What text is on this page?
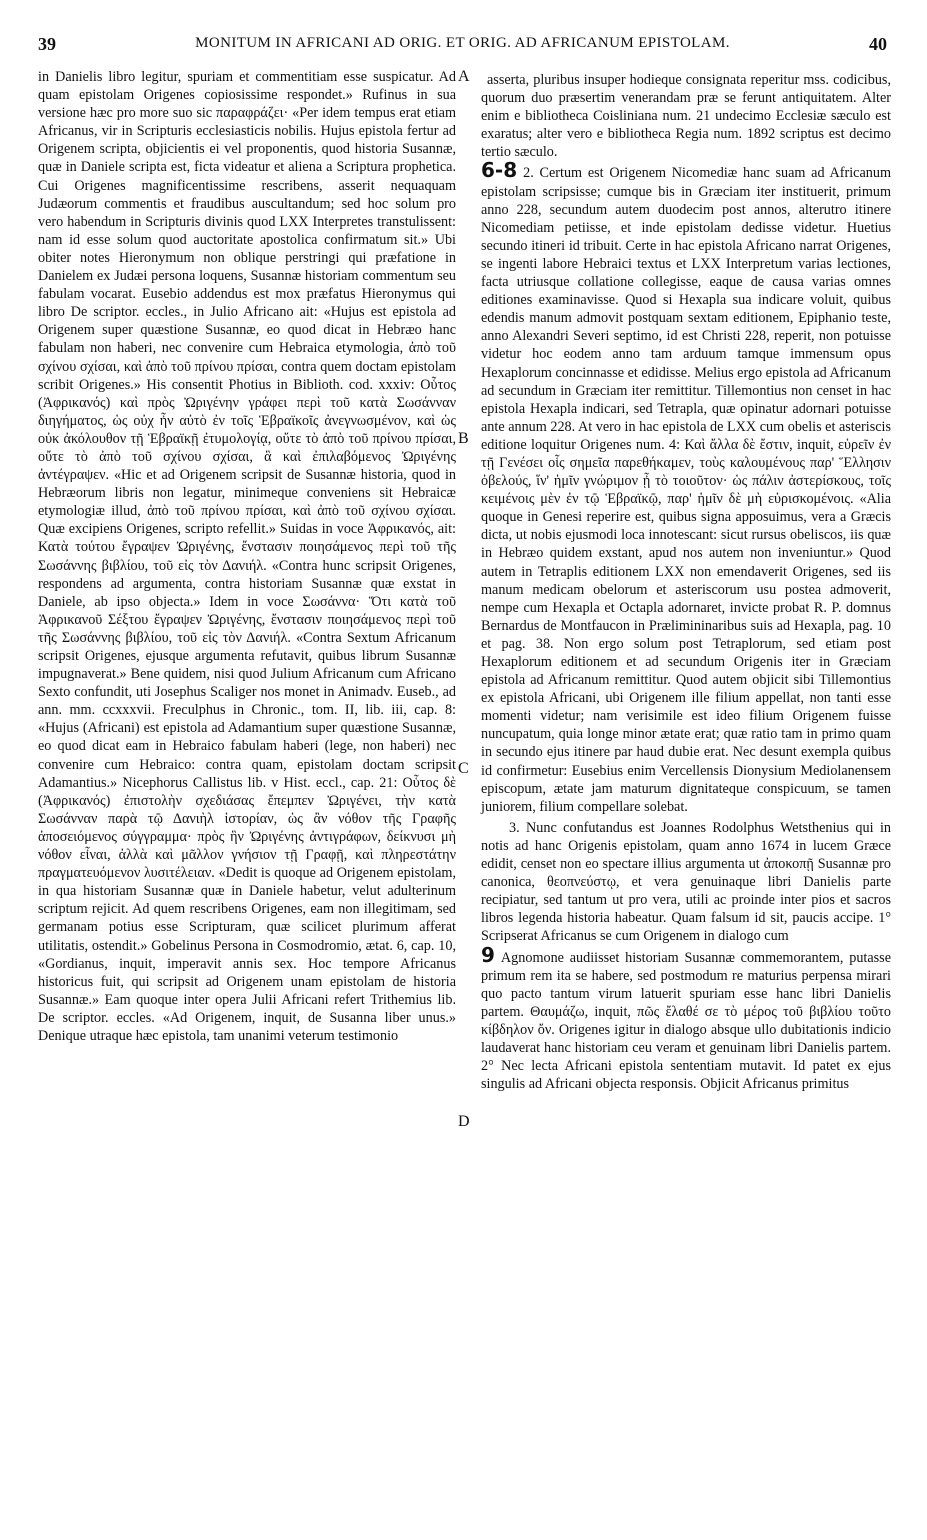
39	MONITUM IN AFRICANI AD ORIG. ET ORIG. AD AFRICANUM EPISTOLAM.	40

in Danielis libro legitur, spuriam et commentitiam esse suspicatur. Ad quam epistolam Origenes copiosissime respondet.» Rufinus in sua versione hæc pro more suo sic παραφράζει· «Per idem tempus erat etiam Africanus, vir in Scripturis ecclesiasticis nobilis. Hujus epistola fertur ad Origenem scripta, objicientis ei vel proponentis, quod historia Susannæ, quæ in Daniele scripta est, ficta videatur et aliena a Scriptura prophetica. Cui Origenes magnificentissime rescribens, asserit nequaquam Judæorum commentis et fraudibus auscultandum; sed hoc solum pro vero habendum in Scripturis divinis quod LXX Interpretes transtulissent: nam id esse solum quod auctoritate apostolica confirmatum sit.» Ubi obiter notes Hieronymum non oblique perstringi qui præfatione in Danielem ex Judæi persona loquens, Susannæ historiam commentum seu fabulam vocarat. Eusebio addendus est mox præfatus Hieronymus qui libro De scriptor. eccles., in Julio Africano ait: «Hujus est epistola ad Origenem super quæstione Susannæ, eo quod dicat in Hebræo hanc fabulam non haberi, nec convenire cum Hebraica etymologia, ἀπὸ τοῦ σχίνου σχίσαι, καὶ ἀπὸ τοῦ πρίνου πρίσαι, contra quem doctam epistolam scribit Origenes.» His consentit Photius in Biblioth. cod. xxxiv: Οὗτος (Ἀφρικανός) καὶ πρὸς Ὠριγένην γράφει περὶ τοῦ κατὰ Σωσάνναν διηγήματος, ὡς οὐχ ἦν αὐτὸ ἐν τοῖς Ἑβραϊκοῖς ἀνεγνωσμένον, καὶ ὡς οὐκ ἀκόλουθον τῇ Ἑβραϊκῇ ἐτυμολογίᾳ, οὔτε τὸ ἀπὸ τοῦ πρίνου πρίσαι, οὔτε τὸ ἀπὸ τοῦ σχίνου σχίσαι, ἃ καὶ ἐπιλαβόμενος Ὠριγένης ἀντέγραψεν. «Hic et ad Origenem scripsit de Susannæ historia, quod in Hebræorum libris non legatur, minimeque conveniens sit Hebraicæ etymologiæ illud, ἀπὸ τοῦ πρίνου πρίσαι, καὶ ἀπὸ τοῦ σχίνου σχίσαι. Quæ excipiens Origenes, scripto refellit.» Suidas in voce Ἀφρικανός, ait: Κατὰ τούτου ἔγραψεν Ὠριγένης, ἔνστασιν ποιησάμενος περὶ τοῦ τῆς Σωσάννης βιβλίου, τοῦ εἰς τὸν Δανιήλ. «Contra hunc scripsit Origenes, respondens ad argumenta, contra historiam Susannæ quæ exstat in Daniele, ab ipso objecta.» Idem in voce Σωσάννα· Ὅτι κατὰ τοῦ Ἀφρικανοῦ Σέξτου ἔγραψεν Ὠριγένης, ἔνστασιν ποιησάμενος περὶ τοῦ τῆς Σωσάννης βιβλίου, τοῦ εἰς τὸν Δανιήλ. «Contra Sextum Africanum scripsit Origenes, ejusque argumenta refutavit, quibus librum Susannæ impugnaverat.» Bene quidem, nisi quod Julium Africanum cum Africano Sexto confundit, uti Josephus Scaliger nos monet in Animadv. Euseb., ad ann. mm. ccxxxvii. Freculphus in Chronic., tom. II, lib. iii, cap. 8: «Hujus (Africani) est epistola ad Adamantium super quæstione Susannæ, eo quod dicat eam in Hebraico fabulam haberi (lege, non haberi) nec convenire cum Hebraico: contra quam, epistolam doctam scripsit Adamantius.» Nicephorus Callistus lib. v Hist. eccl., cap. 21: Οὗτος δὲ (Ἀφρικανός) ἐπιστολὴν σχεδιάσας ἔπεμπεν Ὠριγένει, τὴν κατὰ Σωσάνναν παρὰ τῷ Δανιὴλ ἱστορίαν, ὡς ἂν νόθον τῆς Γραφῆς ἀποσειόμενος σύγγραμμα· πρὸς ἣν Ὠριγένης ἀντιγράφων, δείκνυσι μὴ νόθον εἶναι, ἀλλὰ καὶ μᾶλλον γνήσιον τῇ Γραφῇ, καὶ πληρεστάτην πραγματευόμενον λυσιτέλειαν. «Dedit is quoque ad Origenem epistolam, in qua historiam Susannæ quæ in Daniele habetur, velut adulterinum scriptum rejicit. Ad quem rescribens Origenes, eam non illegitimam, sed germanam potius esse Scripturam, quæ scilicet plurimum afferat utilitatis, ostendit.» Gobelinus Persona in Cosmodromio, ætat. 6, cap. 10, «Gordianus, inquit, imperavit annis sex. Hoc tempore Africanus historicus fuit, qui scripsit ad Origenem unam epistolam de historia Susannæ.» Eam quoque inter opera Julii Africani refert Trithemius lib. De scriptor. eccles. «Ad Origenem, inquit, de Susanna liber unus.» Denique utraque hæc epistola, tam unanimi veterum testimonio

asserta, pluribus insuper hodieque consignata reperitur mss. codicibus, quorum duo præsertim venerandam præ se ferunt antiquitatem. Alter enim e bibliotheca Coisliniana num. 21 undecimo Ecclesiæ sæculo est exaratus; alter vero e bibliotheca Regia num. 1892 scriptus est decimo tertio sæculo.

6-8 2. Certum est Origenem Nicomediæ hanc suam ad Africanum epistolam scripsisse; cumque bis in Græciam iter instituerit, primum anno 228, secundum autem duodecim post annos, alterutro itinere Nicomediam petiisse, et inde epistolam dedisse videtur. Huetius secundo itineri id tribuit. Certe in hac epistola Africano narrat Origenes, se ingenti labore Hebraici textus et LXX Interpretum varias lectiones, facta utriusque collatione collegisse, eaque de causa varias omnes editiones examinavisse. Quod si Hexapla sua indicare voluit, quibus edendis manum admovit postquam sextam editionem, Epiphanio teste, anno Alexandri Severi septimo, id est Christi 228, reperit, non potuisse videtur hoc eodem anno tam arduum tamque immensum opus Hexaplorum concinnasse et edidisse. Melius ergo epistola ad Africanum ad secundum in Græciam iter remittitur. Tillemontius non censet in hac epistola Hexapla indicari, sed Tetrapla, quæ opinatur adornari potuisse ante annum 228. At vero in hac epistola de LXX cum obelis et asteriscis editione loquitur Origenes num. 4: Καὶ ἄλλα δὲ ἔστιν, inquit, εὑρεῖν ἐν τῇ Γενέσει οἷς σημεῖα παρεθήκαμεν, τοὺς καλουμένους παρ' Ἕλλησιν ὀβελούς, ἵν' ἡμῖν γνώριμον ᾖ τὸ τοιοῦτον· ὡς πάλιν ἀστερίσκους, τοῖς κειμένοις μὲν ἐν τῷ Ἑβραϊκῷ, παρ' ἡμῖν δὲ μὴ εὑρισκομένοις. «Alia quoque in Genesi reperire est, quibus signa apposuimus, vera a Græcis dicta, ut nobis ejusmodi loca innotescant: sicut rursus obeliscos, iis quæ in Hebræo quidem exstant, apud nos autem non inveniuntur.» Quod autem in Tetraplis editionem LXX non emendaverit Origenes, sed iis manum medicam obelorum et asteriscorum usu postea admoverit, nempe cum Hexapla et Octapla adornaret, invicte probat R. P. domnus Bernardus de Montfaucon in Prælimininaribus suis ad Hexapla, pag. 10 et pag. 38. Non ergo solum post Tetraplorum, sed etiam post Hexaplorum editionem et ad secundum Origenis iter in Græciam epistola ad Africanum remittitur. Quod autem objicit sibi Tillemontius ex epistola Africani, ubi Origenem ille filium appellat, non tanti esse momenti videtur; nam verisimile est ideo filium Origenem fuisse nuncupatum, quia longe minor ætate erat; quæ ratio tam in primo quam in secundo ejus itinere par haud dubie erat. Nec desunt exempla quibus id confirmetur: Eusebius enim Vercellensis Dionysium Mediolanensem episcopum, ætate jam maturum dignitateque conspicuum, se tamen juniorem, filium compellare solebat.

3. Nunc confutandus est Joannes Rodolphus Wetsthenius qui in notis ad hanc Origenis epistolam, quam anno 1674 in lucem Græce edidit, censet non eo spectare illius argumenta ut ἀποκοπῇ Susannæ pro canonica, θεοπνεύστῳ, et vera genuinaque libri Danielis parte recipiatur, sed tantum ut pro vera, utili ac proinde inter pios et sacros libros legenda historia habeatur. Quam falsum id sit, paucis accipe. 1° Scripserat Africanus se cum Origenem in dialogo cum

9 Agnomone audiisset historiam Susannæ commemorantem, putasse primum rem ita se habere, sed postmodum re maturius perpensa mirari quo pacto tantum virum latuerit spuriam esse hanc libri Danielis partem. Θαυμάζω, inquit, πῶς ἔλαθέ σε τὸ μέρος τοῦ βιβλίου τοῦτο κίβδηλον ὄν. Origenes igitur in dialogo absque ullo dubitationis indicio laudaverat hanc historiam ceu veram et genuinam libri Danielis partem. 2° Nec lecta Africani epistola sententiam mutavit. Id patet ex ejus singulis ad Africani objecta responsis. Objicit Africanus primitus

A
B
C
D
